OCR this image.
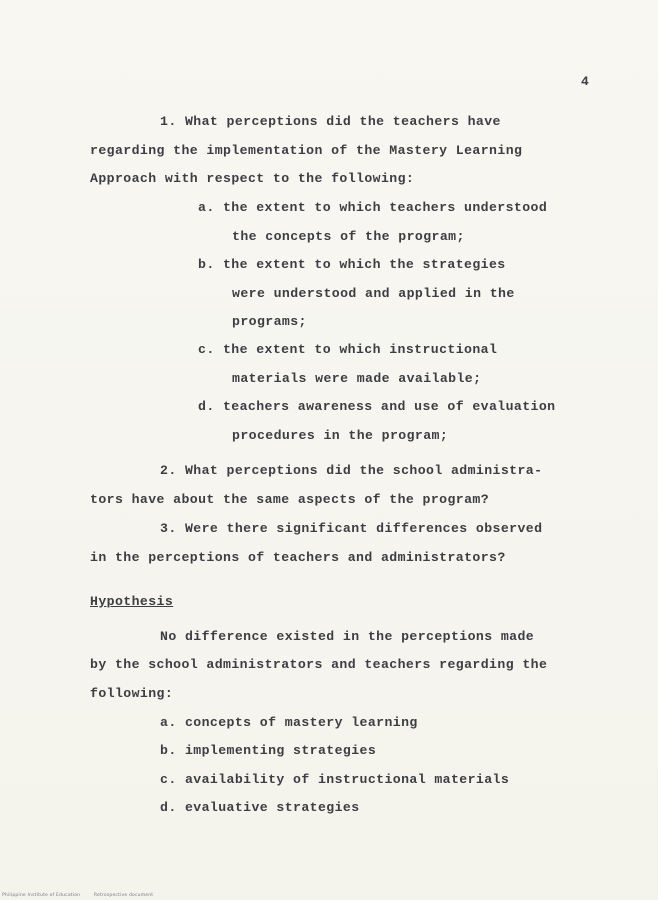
4
1. What perceptions did the teachers have
regarding the implementation of the Mastery Learning
Approach with respect to the following:
a. the extent to which teachers understood
the concepts of the program;
b. the extent to which the strategies
were understood and applied in the
programs;
c. the extent to which instructional
materials were made available;
d. teachers awareness and use of evaluation
procedures in the program;
2. What perceptions did the school administra-
tors have about the same aspects of the program?
3. Were there significant differences observed
in the perceptions of teachers and administrators?
Hypothesis
No difference existed in the perceptions made
by the school administrators and teachers regarding the
following:
a. concepts of mastery learning
b. implementing strategies
c. availability of instructional materials
d. evaluative strategies
Philippine Institute of Education	Retrospective document
